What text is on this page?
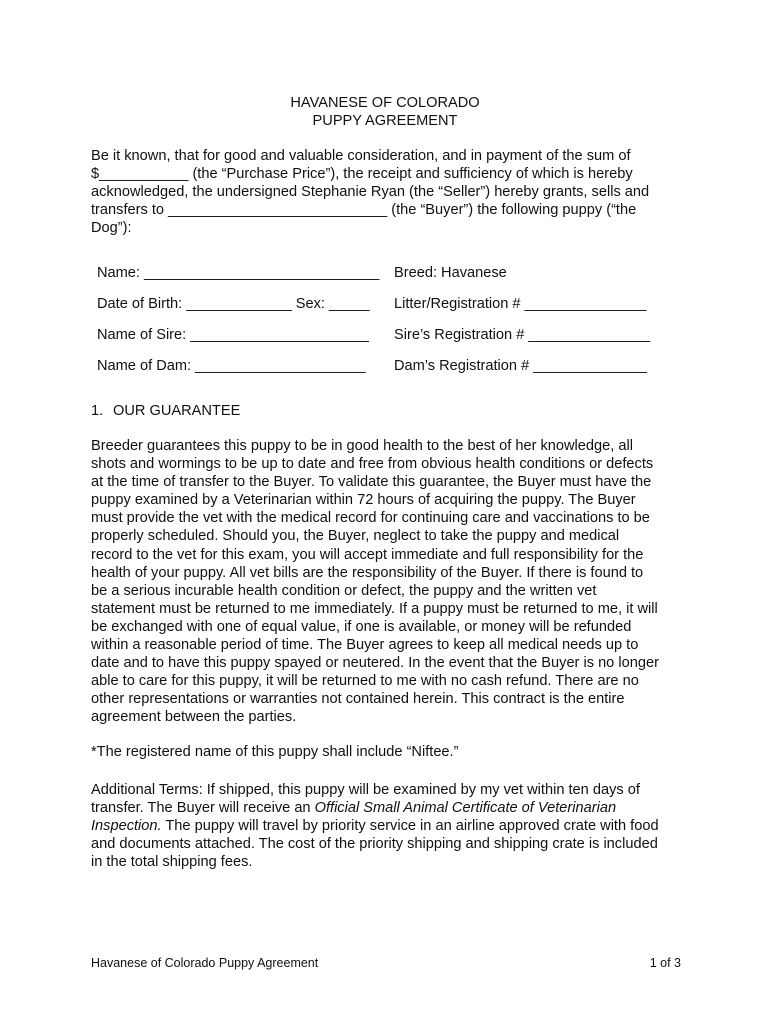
HAVANESE OF COLORADO
PUPPY AGREEMENT

Be it known, that for good and valuable consideration, and in payment of the sum of
$___________ (the “Purchase Price”), the receipt and sufficiency of which is hereby
acknowledged, the undersigned Stephanie Ryan (the “Seller”) hereby grants, sells and
transfers to ___________________________ (the “Buyer”) the following puppy (“the
Dog”):

Name: _____________________________ Breed: Havanese
Date of Birth: _____________ Sex: _____ Litter/Registration # _______________
Name of Sire: ______________________ Sire’s Registration # _______________
Name of Dam: _____________________ Dam’s Registration # ______________
1. OUR GUARANTEE

Breeder guarantees this puppy to be in good health to the best of her knowledge, all
shots and wormings to be up to date and free from obvious health conditions or defects
at the time of transfer to the Buyer. To validate this guarantee, the Buyer must have the
puppy examined by a Veterinarian within 72 hours of acquiring the puppy. The Buyer
must provide the vet with the medical record for continuing care and vaccinations to be
properly scheduled. Should you, the Buyer, neglect to take the puppy and medical
record to the vet for this exam, you will accept immediate and full responsibility for the
health of your puppy. All vet bills are the responsibility of the Buyer. If there is found to
be a serious incurable health condition or defect, the puppy and the written vet
statement must be returned to me immediately. If a puppy must be returned to me, it will
be exchanged with one of equal value, if one is available, or money will be refunded
within a reasonable period of time. The Buyer agrees to keep all medical needs up to
date and to have this puppy spayed or neutered. In the event that the Buyer is no longer
able to care for this puppy, it will be returned to me with no cash refund. There are no
other representations or warranties not contained herein. This contract is the entire
agreement between the parties.

*The registered name of this puppy shall include “Niftee.”

Additional Terms: If shipped, this puppy will be examined by my vet within ten days of
transfer. The Buyer will receive an Official Small Animal Certificate of Veterinarian
Inspection. The puppy will travel by priority service in an airline approved crate with food
and documents attached. The cost of the priority shipping and shipping crate is included
in the total shipping fees.

Havanese of Colorado Puppy Agreement	1 of 3
